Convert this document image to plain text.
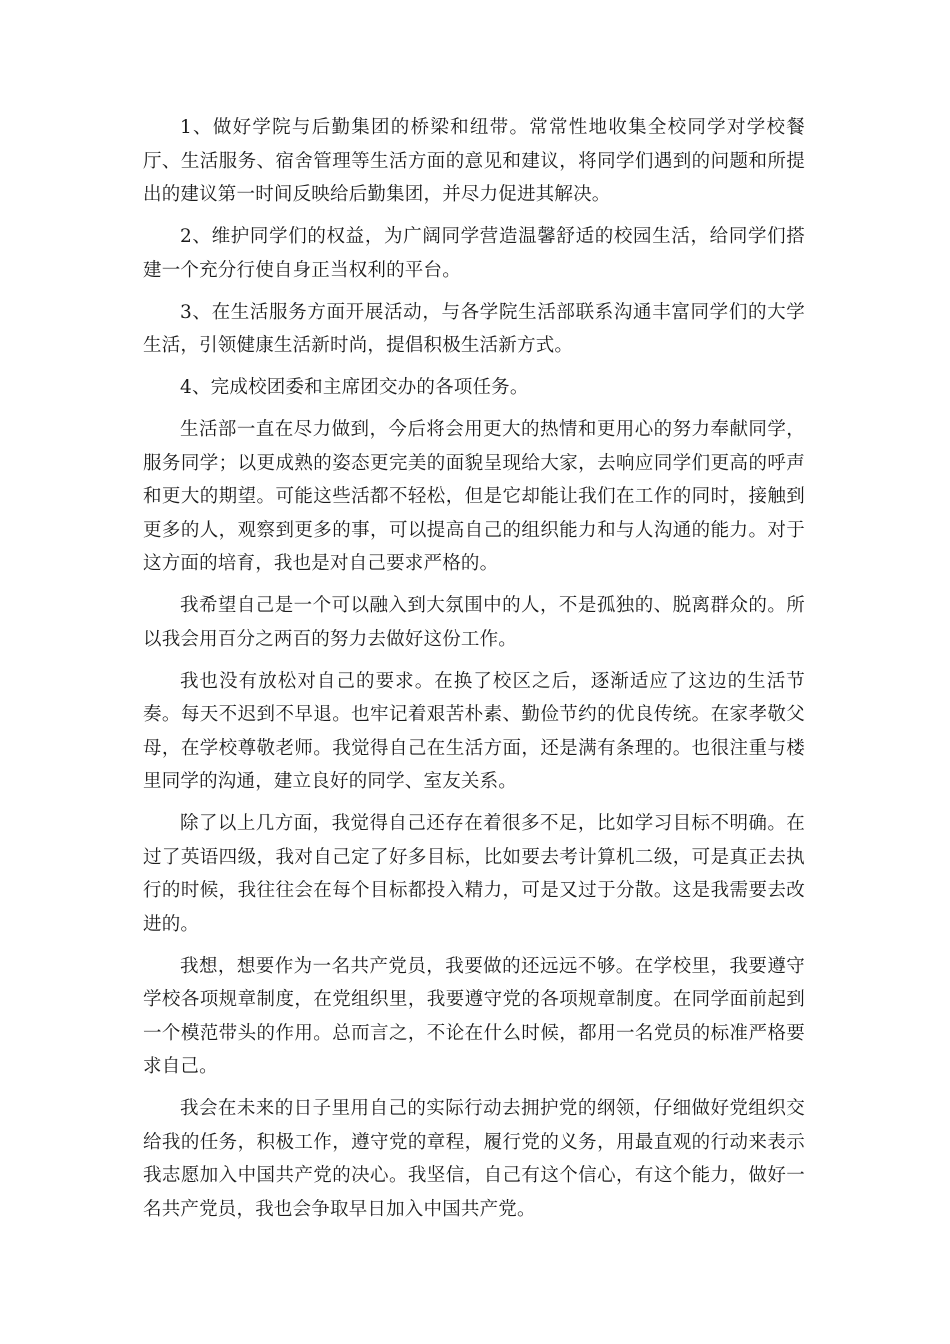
1、做好学院与后勤集团的桥梁和纽带。常常性地收集全校同学对学校餐厅、生活服务、宿舍管理等生活方面的意见和建议，将同学们遇到的问题和所提出的建议第一时间反映给后勤集团，并尽力促进其解决。

2、维护同学们的权益，为广阔同学营造温馨舒适的校园生活，给同学们搭建一个充分行使自身正当权利的平台。

3、在生活服务方面开展活动，与各学院生活部联系沟通丰富同学们的大学生活，引领健康生活新时尚，提倡积极生活新方式。

4、完成校团委和主席团交办的各项任务。

生活部一直在尽力做到，今后将会用更大的热情和更用心的努力奉献同学，服务同学；以更成熟的姿态更完美的面貌呈现给大家，去响应同学们更高的呼声和更大的期望。可能这些活都不轻松，但是它却能让我们在工作的同时，接触到更多的人，观察到更多的事，可以提高自己的组织能力和与人沟通的能力。对于这方面的培育，我也是对自己要求严格的。

我希望自己是一个可以融入到大氛围中的人，不是孤独的、脱离群众的。所以我会用百分之两百的努力去做好这份工作。

我也没有放松对自己的要求。在换了校区之后，逐渐适应了这边的生活节奏。每天不迟到不早退。也牢记着艰苦朴素、勤俭节约的优良传统。在家孝敬父母，在学校尊敬老师。我觉得自己在生活方面，还是满有条理的。也很注重与楼里同学的沟通，建立良好的同学、室友关系。

除了以上几方面，我觉得自己还存在着很多不足，比如学习目标不明确。在过了英语四级，我对自己定了好多目标，比如要去考计算机二级，可是真正去执行的时候，我往往会在每个目标都投入精力，可是又过于分散。这是我需要去改进的。

我想，想要作为一名共产党员，我要做的还远远不够。在学校里，我要遵守学校各项规章制度，在党组织里，我要遵守党的各项规章制度。在同学面前起到一个模范带头的作用。总而言之，不论在什么时候，都用一名党员的标准严格要求自己。

我会在未来的日子里用自己的实际行动去拥护党的纲领，仔细做好党组织交给我的任务，积极工作，遵守党的章程，履行党的义务，用最直观的行动来表示我志愿加入中国共产党的决心。我坚信，自己有这个信心，有这个能力，做好一名共产党员，我也会争取早日加入中国共产党。
